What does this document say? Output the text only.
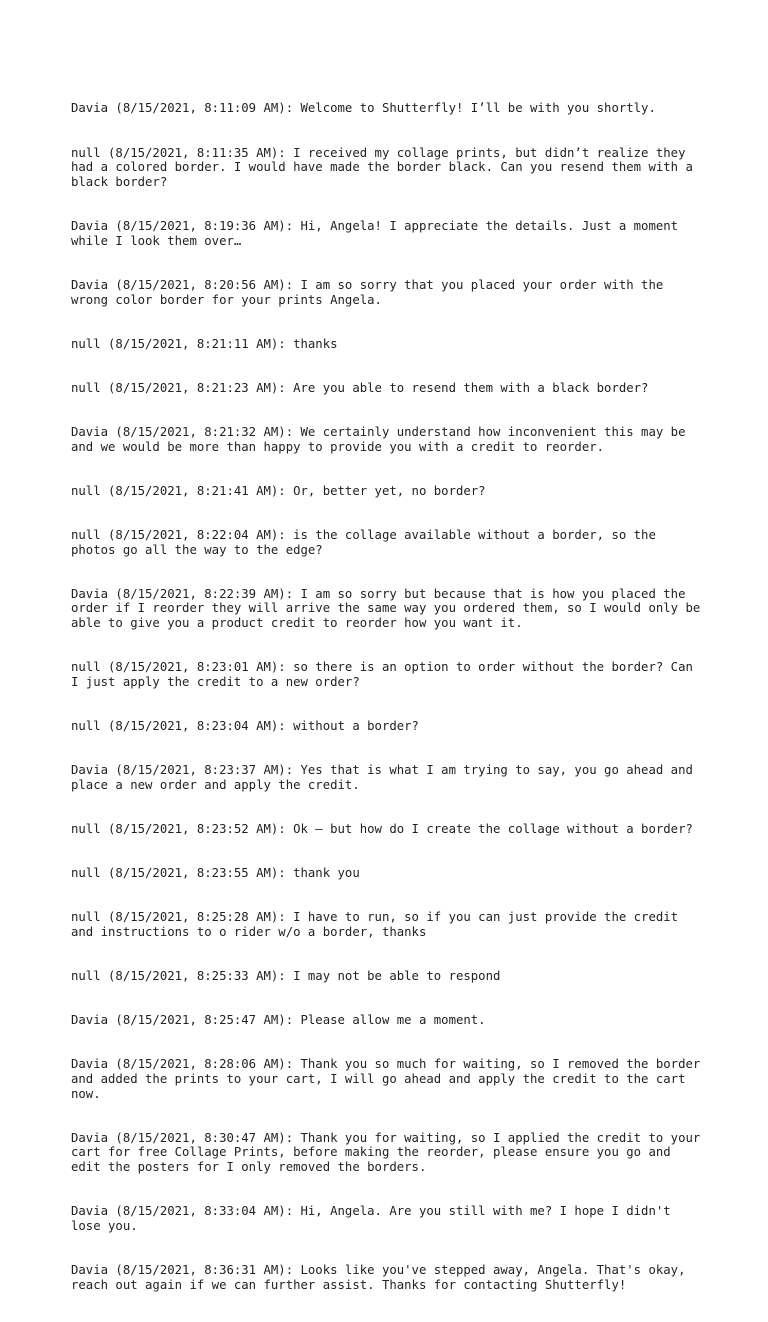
Davia (8/15/2021, 8:11:09 AM): Welcome to Shutterfly! I’ll be with you shortly.

null (8/15/2021, 8:11:35 AM): I received my collage prints, but didn’t realize they had a colored border. I would have made the border black. Can you resend them with a black border?

Davia (8/15/2021, 8:19:36 AM): Hi, Angela! I appreciate the details. Just a moment while I look them over…

Davia (8/15/2021, 8:20:56 AM): I am so sorry that you placed your order with the wrong color border for your prints Angela.

null (8/15/2021, 8:21:11 AM): thanks

null (8/15/2021, 8:21:23 AM): Are you able to resend them with a black border?

Davia (8/15/2021, 8:21:32 AM): We certainly understand how inconvenient this may be and we would be more than happy to provide you with a credit to reorder.

null (8/15/2021, 8:21:41 AM): Or, better yet, no border?

null (8/15/2021, 8:22:04 AM): is the collage available without a border, so the photos go all the way to the edge?

Davia (8/15/2021, 8:22:39 AM): I am so sorry but because that is how you placed the order if I reorder they will arrive the same way you ordered them, so I would only be able to give you a product credit to reorder how you want it.

null (8/15/2021, 8:23:01 AM): so there is an option to order without the border? Can I just apply the credit to a new order?

null (8/15/2021, 8:23:04 AM): without a border?

Davia (8/15/2021, 8:23:37 AM): Yes that is what I am trying to say, you go ahead and place a new order and apply the credit.

null (8/15/2021, 8:23:52 AM): Ok — but how do I create the collage without a border?

null (8/15/2021, 8:23:55 AM): thank you

null (8/15/2021, 8:25:28 AM): I have to run, so if you can just provide the credit and instructions to o rider w/o a border, thanks

null (8/15/2021, 8:25:33 AM): I may not be able to respond

Davia (8/15/2021, 8:25:47 AM): Please allow me a moment.

Davia (8/15/2021, 8:28:06 AM): Thank you so much for waiting, so I removed the border and added the prints to your cart, I will go ahead and apply the credit to the cart now.

Davia (8/15/2021, 8:30:47 AM): Thank you for waiting, so I applied the credit to your cart for free Collage Prints, before making the reorder, please ensure you go and edit the posters for I only removed the borders.

Davia (8/15/2021, 8:33:04 AM): Hi, Angela. Are you still with me? I hope I didn't lose you.

Davia (8/15/2021, 8:36:31 AM): Looks like you've stepped away, Angela. That's okay, reach out again if we can further assist. Thanks for contacting Shutterfly!
